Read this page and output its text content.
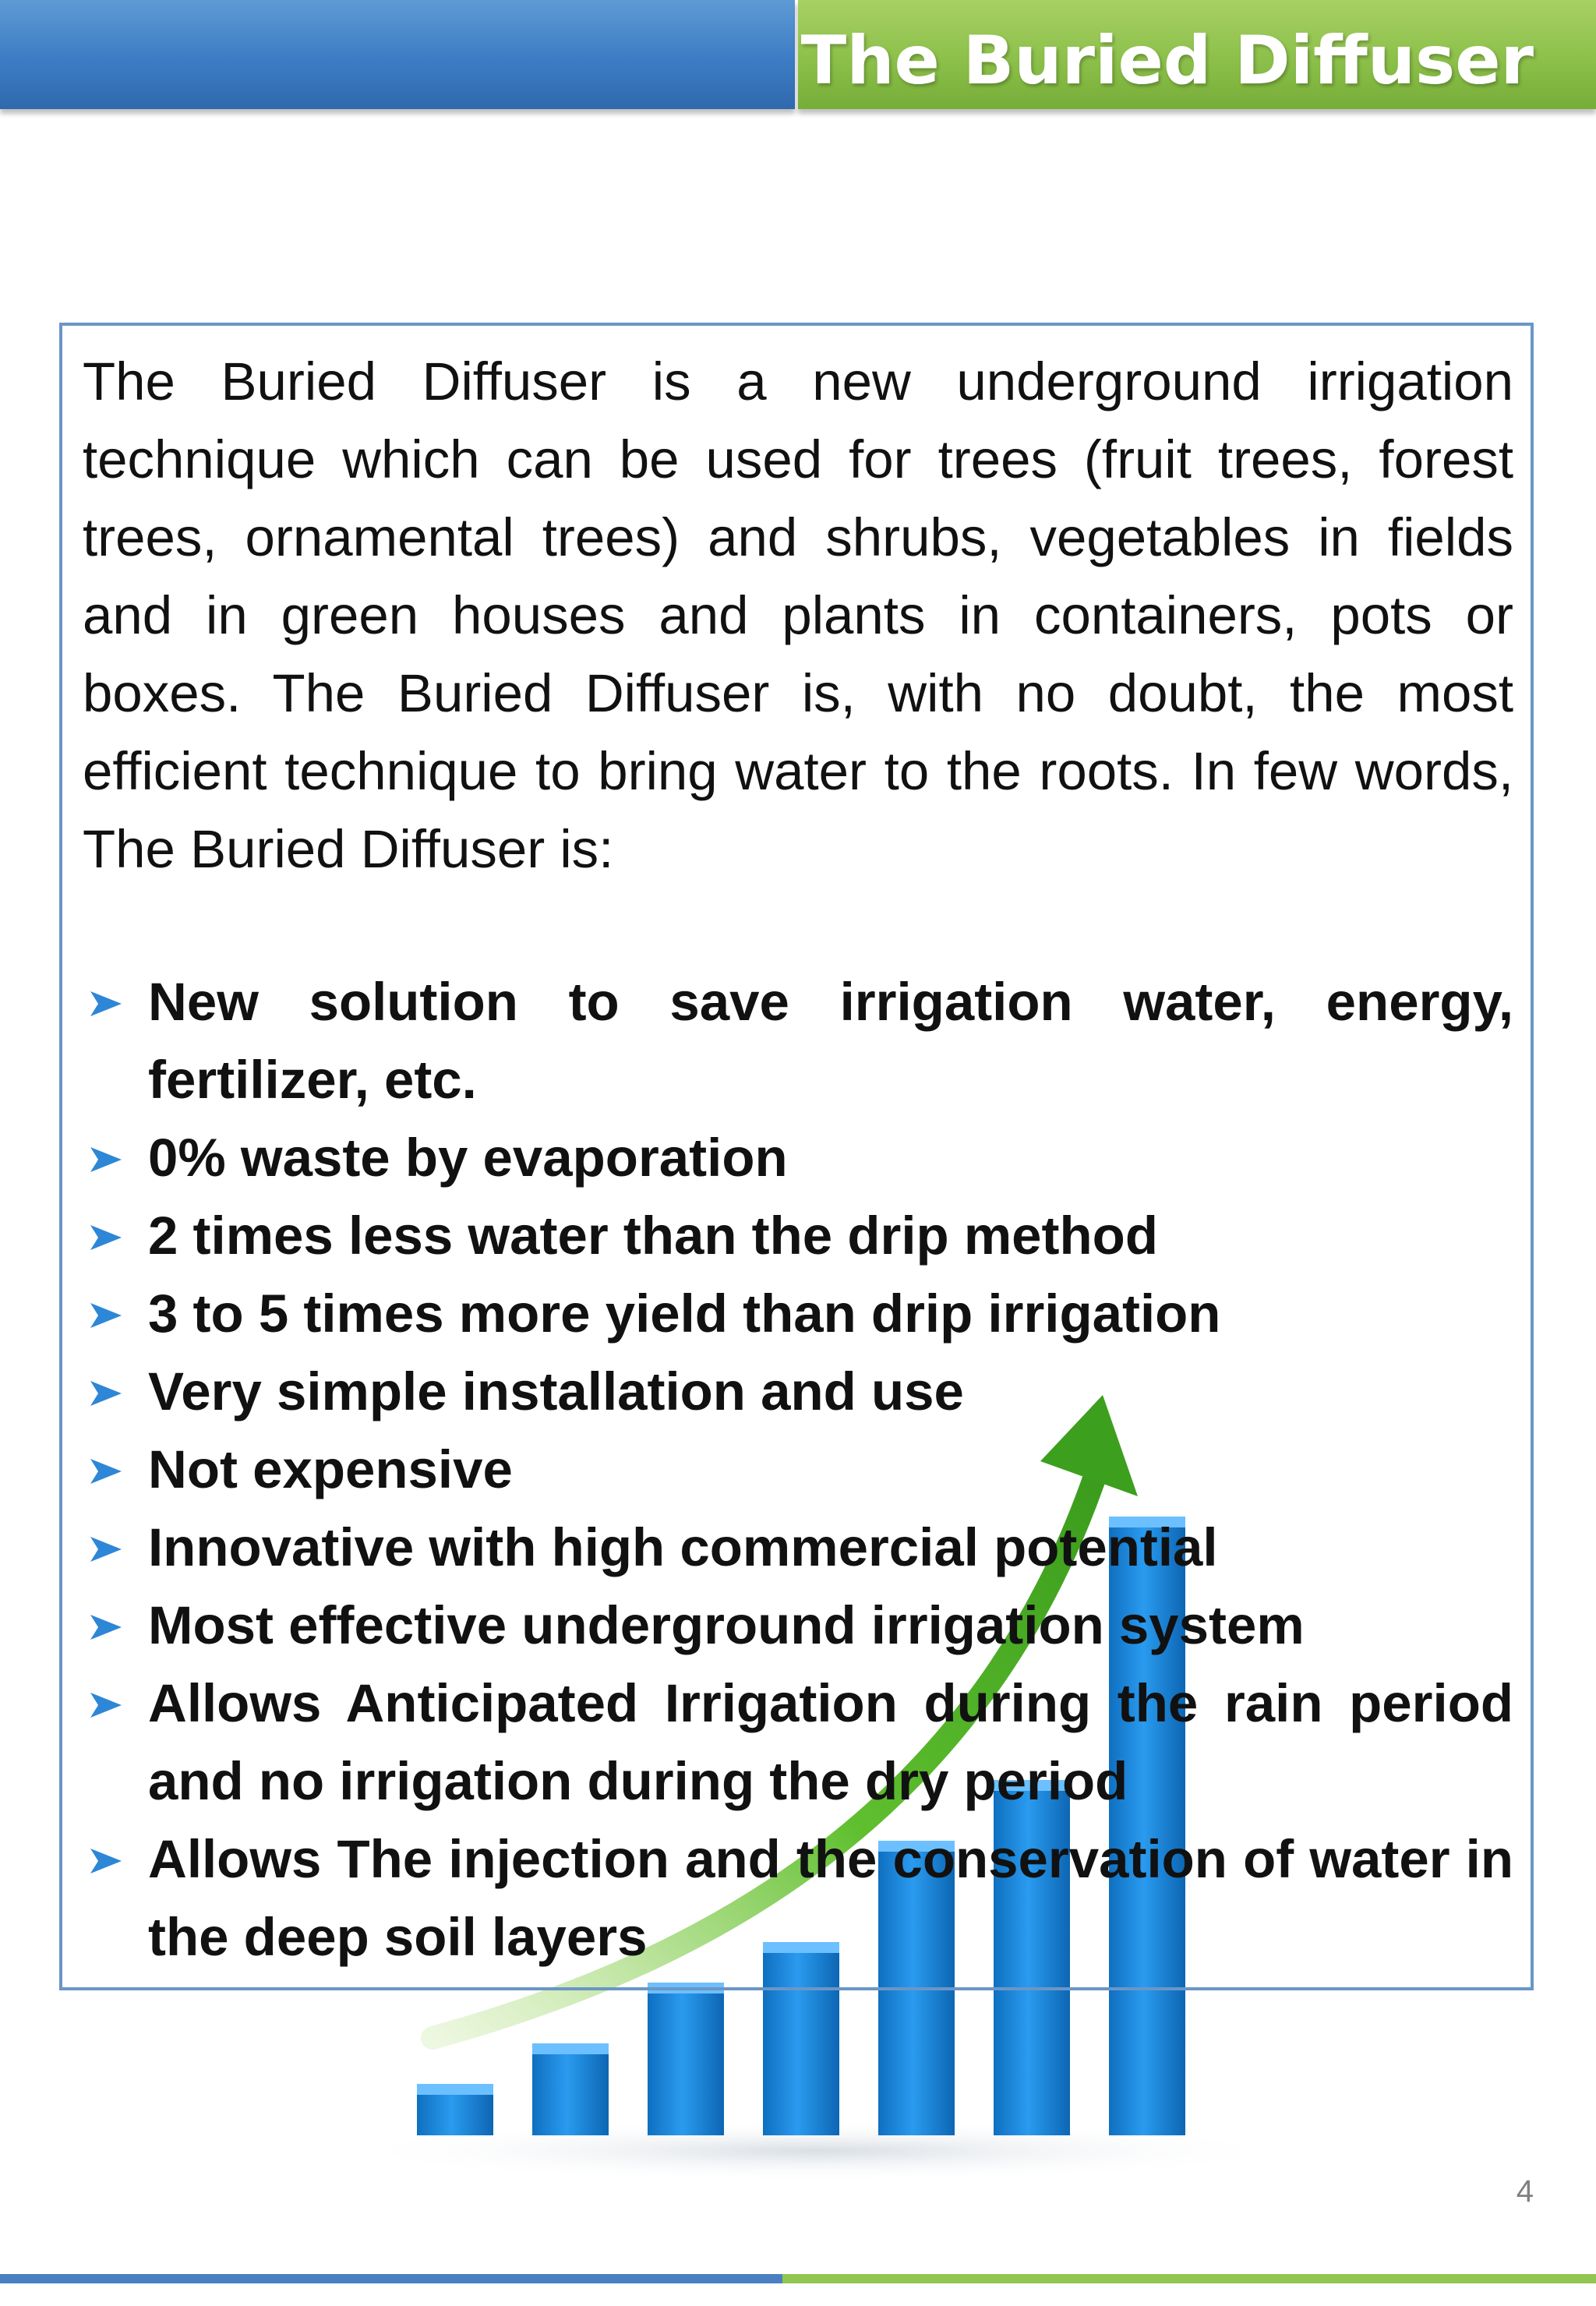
The Buried Diffuser

The Buried Diffuser is a new underground irrigation technique which can be used for trees (fruit trees, forest trees, ornamental trees) and shrubs, vegetables in fields and in green houses and plants in containers, pots or boxes. The Buried Diffuser is, with no doubt, the most efficient technique to bring water to the roots. In few words, The Buried Diffuser is:

New solution to save irrigation water, energy, fertilizer, etc.
0% waste by evaporation
2 times less water than the drip method
3 to 5 times more yield than drip irrigation
Very simple installation and use
Not expensive
Innovative with high commercial potential
Most effective underground irrigation system
Allows Anticipated Irrigation during the rain period and no irrigation during the dry period
Allows The injection and the conservation of water in the deep soil layers
4
